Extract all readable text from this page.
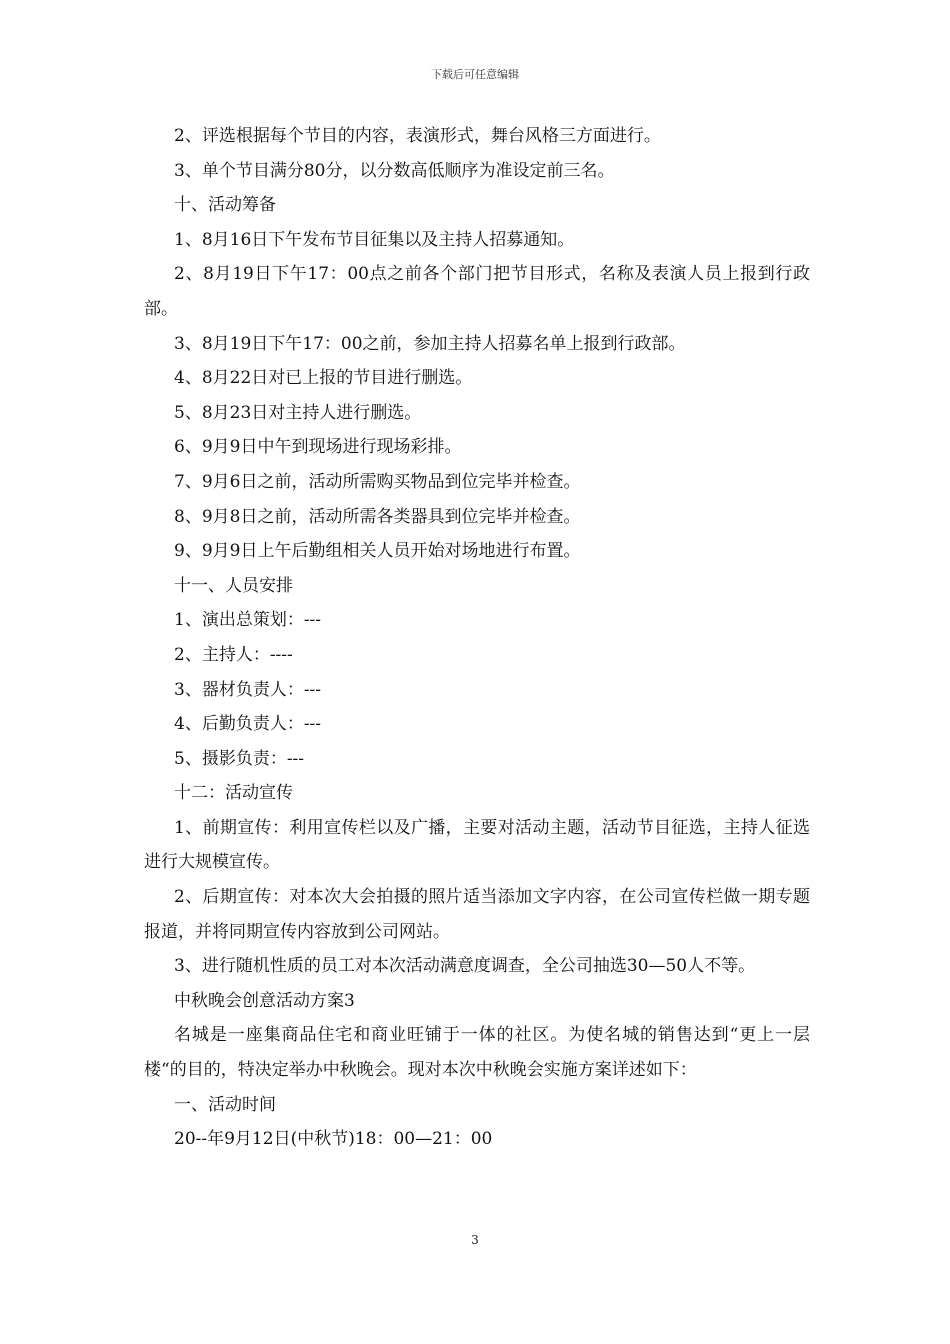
下载后可任意编辑

2、评选根据每个节目的内容，表演形式，舞台风格三方面进行。

3、单个节目满分80分，以分数高低顺序为准设定前三名。

十、活动筹备

1、8月16日下午发布节目征集以及主持人招募通知。

2、8月19日下午17：00点之前各个部门把节目形式，名称及表演人员上报到行政部。

3、8月19日下午17：00之前，参加主持人招募名单上报到行政部。

4、8月22日对已上报的节目进行删选。

5、8月23日对主持人进行删选。

6、9月9日中午到现场进行现场彩排。

7、9月6日之前，活动所需购买物品到位完毕并检查。

8、9月8日之前，活动所需各类器具到位完毕并检查。

9、9月9日上午后勤组相关人员开始对场地进行布置。

十一、人员安排

1、演出总策划：---

2、主持人：----

3、器材负责人：---

4、后勤负责人：---

5、摄影负责：---

十二：活动宣传

1、前期宣传：利用宣传栏以及广播，主要对活动主题，活动节目征选，主持人征选进行大规模宣传。

2、后期宣传：对本次大会拍摄的照片适当添加文字内容，在公司宣传栏做一期专题报道，并将同期宣传内容放到公司网站。

3、进行随机性质的员工对本次活动满意度调查，全公司抽选30—50人不等。

中秋晚会创意活动方案3

名城是一座集商品住宅和商业旺铺于一体的社区。为使名城的销售达到“更上一层楼“的目的，特决定举办中秋晚会。现对本次中秋晚会实施方案详述如下：

一、活动时间

20--年9月12日(中秋节)18：00—21：00

3
